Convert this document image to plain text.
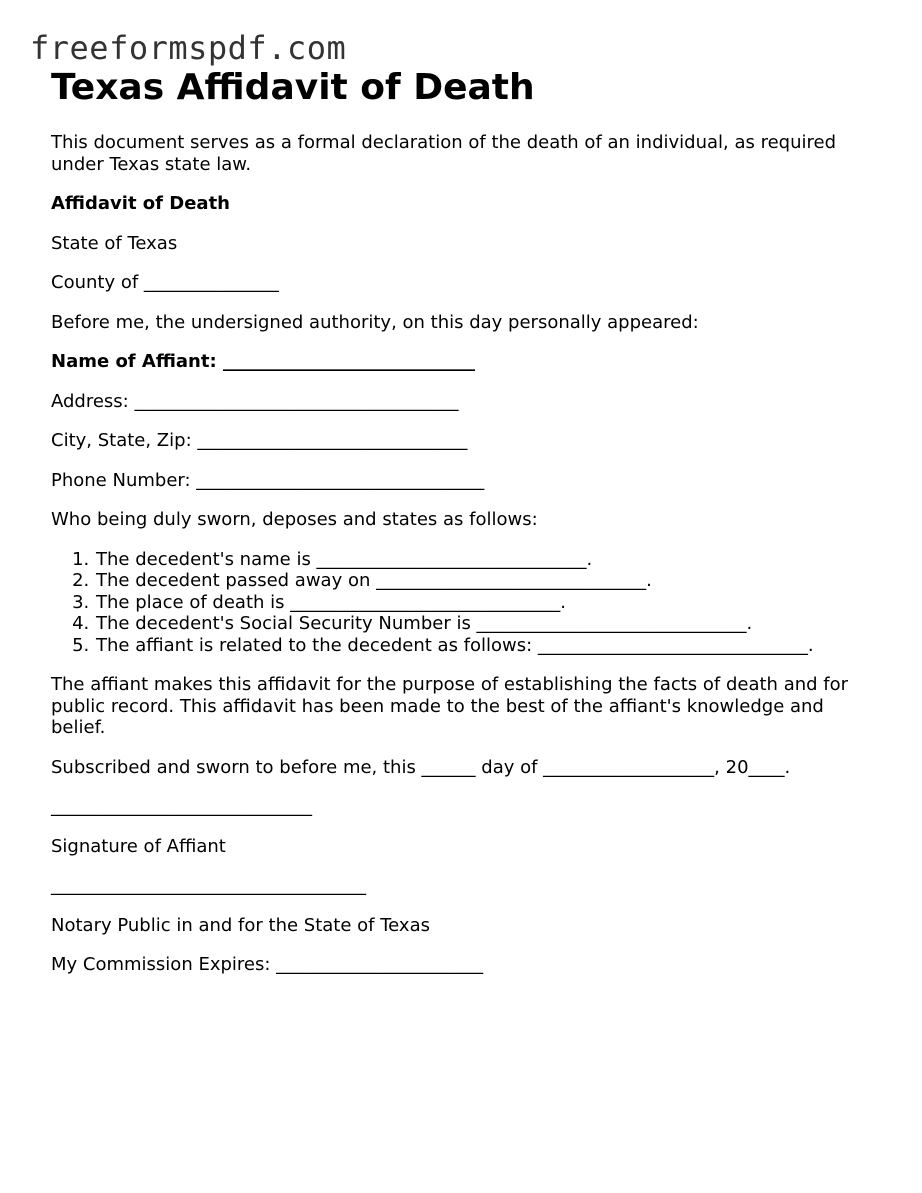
freeformspdf.com
Texas Affidavit of Death

This document serves as a formal declaration of the death of an individual, as required under Texas state law.

Affidavit of Death

State of Texas

County of _______________

Before me, the undersigned authority, on this day personally appeared:

Name of Affiant: ____________________________

Address: ____________________________________

City, State, Zip: ______________________________

Phone Number: ________________________________

Who being duly sworn, deposes and states as follows:

1. The decedent's name is ______________________________.
2. The decedent passed away on ______________________________.
3. The place of death is ______________________________.
4. The decedent's Social Security Number is ______________________________.
5. The affiant is related to the decedent as follows: ______________________________.

The affiant makes this affidavit for the purpose of establishing the facts of death and for public record. This affidavit has been made to the best of the affiant's knowledge and belief.

Subscribed and sworn to before me, this ______ day of ___________________, 20____.

_____________________________

Signature of Affiant

___________________________________

Notary Public in and for the State of Texas

My Commission Expires: _______________________
